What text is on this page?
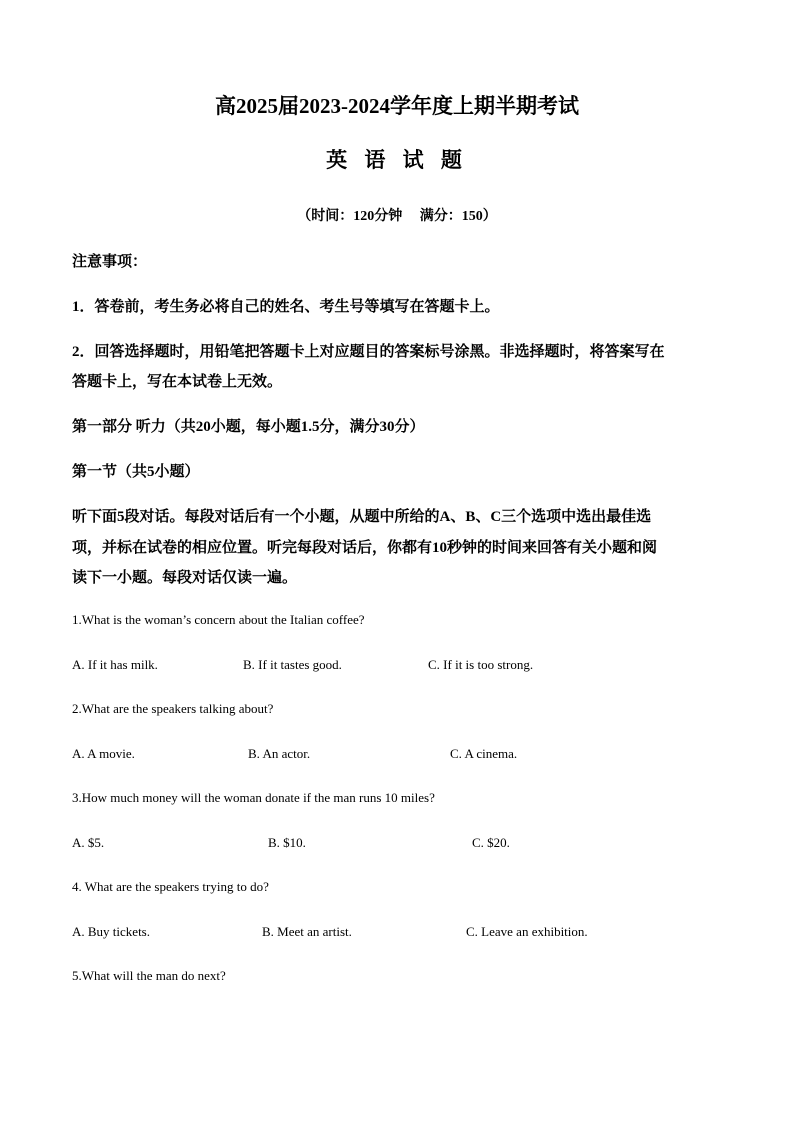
高2025届2023-2024学年度上期半期考试
英 语 试 题
（时间：120分钟　 满分：150）
注意事项：
1．答卷前，考生务必将自己的姓名、考生号等填写在答题卡上。
2．回答选择题时，用铅笔把答题卡上对应题目的答案标号涂黑。非选择题时，将答案写在
答题卡上，写在本试卷上无效。
第一部分 听力（共20小题，每小题1.5分，满分30分）
第一节（共5小题）
听下面5段对话。每段对话后有一个小题，从题中所给的A、B、C三个选项中选出最佳选
项，并标在试卷的相应位置。听完每段对话后，你都有10秒钟的时间来回答有关小题和阅
读下一小题。每段对话仅读一遍。
1.What is the woman’s concern about the Italian coffee?
A. If it has milk.	B. If it tastes good.	C. If it is too strong.
2.What are the speakers talking about?
A. A movie.	B. An actor.	C. A cinema.
3.How much money will the woman donate if the man runs 10 miles?
A. $5.	B. $10.	C. $20.
4. What are the speakers trying to do?
A. Buy tickets.	B. Meet an artist.	C. Leave an exhibition.
5.What will the man do next?
